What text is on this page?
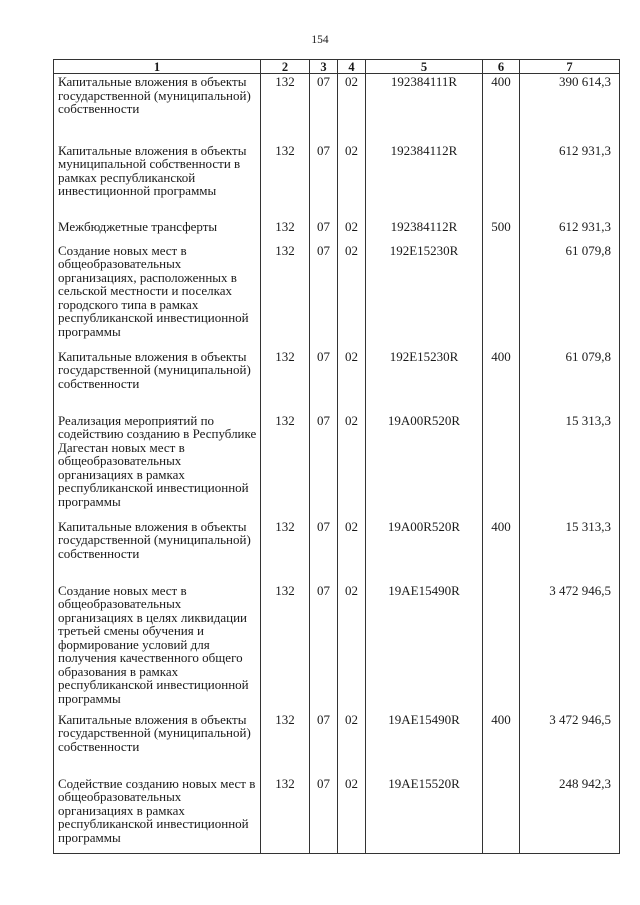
154
1	2	3	4	5	6	7
Капитальные вложения в объекты государственной (муниципальной) собственности	132	07	02	192384111R	400	390 614,3
Капитальные вложения в объекты муниципальной собственности в рамках республиканской инвестиционной программы	132	07	02	192384112R		612 931,3
Межбюджетные трансферты	132	07	02	192384112R	500	612 931,3
Создание новых мест в общеобразовательных организациях, расположенных в сельской местности и поселках городского типа в рамках республиканской инвестиционной программы	132	07	02	192E15230R		61 079,8
Капитальные вложения в объекты государственной (муниципальной) собственности	132	07	02	192E15230R	400	61 079,8
Реализация мероприятий по содействию созданию в Республике Дагестан новых мест в общеобразовательных организациях в рамках республиканской инвестиционной программы	132	07	02	19A00R520R		15 313,3
Капитальные вложения в объекты государственной (муниципальной) собственности	132	07	02	19A00R520R	400	15 313,3
Создание новых мест в общеобразовательных организациях в целях ликвидации третьей смены обучения и формирование условий для получения качественного общего образования в рамках республиканской инвестиционной программы	132	07	02	19AE15490R		3 472 946,5
Капитальные вложения в объекты государственной (муниципальной) собственности	132	07	02	19AE15490R	400	3 472 946,5
Содействие созданию новых мест в общеобразовательных организациях в рамках республиканской инвестиционной программы	132	07	02	19AE15520R		248 942,3
